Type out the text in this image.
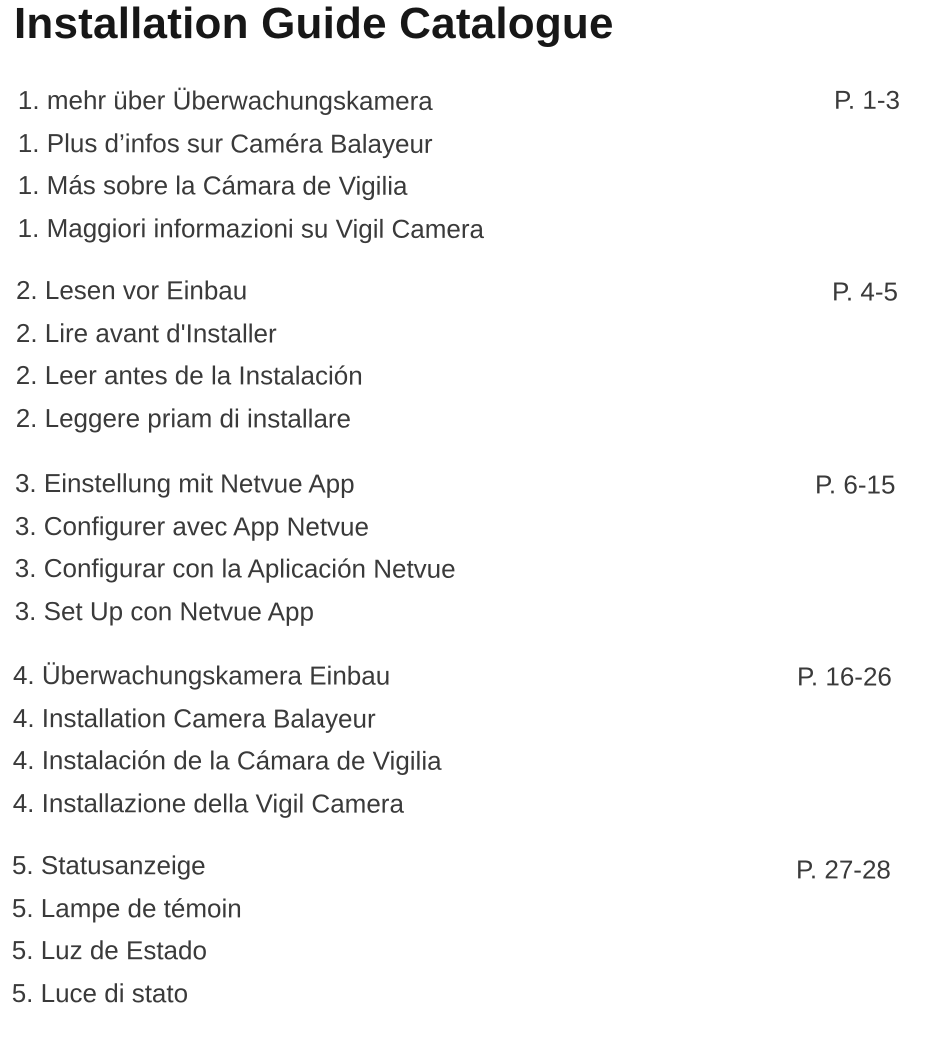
Installation Guide Catalogue
1. mehr über Überwachungskamera
1. Plus d’infos sur Caméra Balayeur
1. Más sobre la Cámara de Vigilia
1. Maggiori informazioni su Vigil Camera
P. 1-3
2. Lesen vor Einbau
2. Lire avant d'Installer
2. Leer antes de la Instalación
2. Leggere priam di installare
P. 4-5
3. Einstellung mit Netvue App
3. Configurer avec App Netvue
3. Configurar con la Aplicación Netvue
3. Set Up con Netvue App
P. 6-15
4. Überwachungskamera Einbau
4. Installation Camera Balayeur
4. Instalación de la Cámara de Vigilia
4. Installazione della Vigil Camera
P. 16-26
5. Statusanzeige
5. Lampe de témoin
5. Luz de Estado
5. Luce di stato
P. 27-28
